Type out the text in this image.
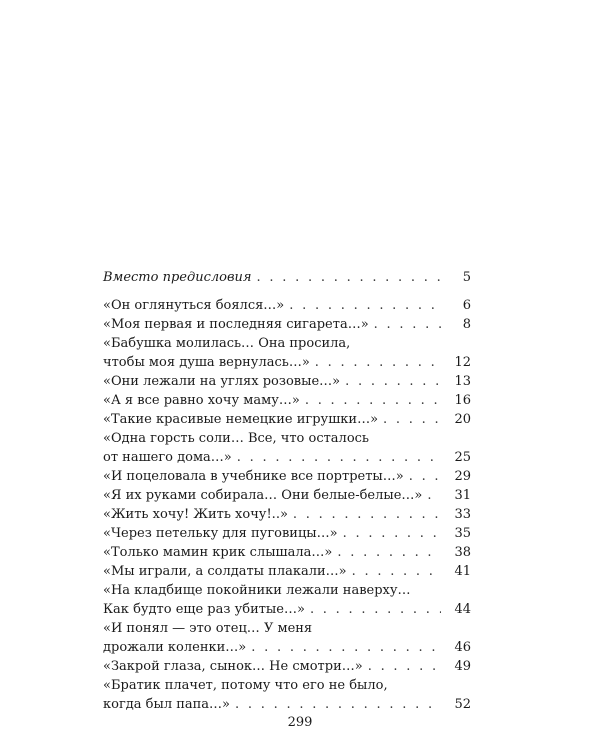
Вместо предисловия . . .	5
«Он оглянуться боялся…» . . .	6
«Моя первая и последняя сигарета…» . . .	8
«Бабушка молилась… Она просила,
чтобы моя душа вернулась…» . . .	12
«Они лежали на углях розовые…» . . .	13
«А я все равно хочу маму…» . . .	16
«Такие красивые немецкие игрушки…» . . .	20
«Одна горсть соли… Все, что осталось
от нашего дома…» . . .	25
«И поцеловала в учебнике все портреты…» . . .	29
«Я их руками собирала… Они белые-белые…» . . .	31
«Жить хочу! Жить хочу!..» . . .	33
«Через петельку для пуговицы…» . . .	35
«Только мамин крик слышала…» . . .	38
«Мы играли, а солдаты плакали…» . . .	41
«На кладбище покойники лежали наверху…
Как будто еще раз убитые…» . . .	44
«И понял — это отец… У меня
дрожали коленки…» . . .	46
«Закрой глаза, сынок… Не смотри…» . . .	49
«Братик плачет, потому что его не было,
когда был папа…» . . .	52
299
